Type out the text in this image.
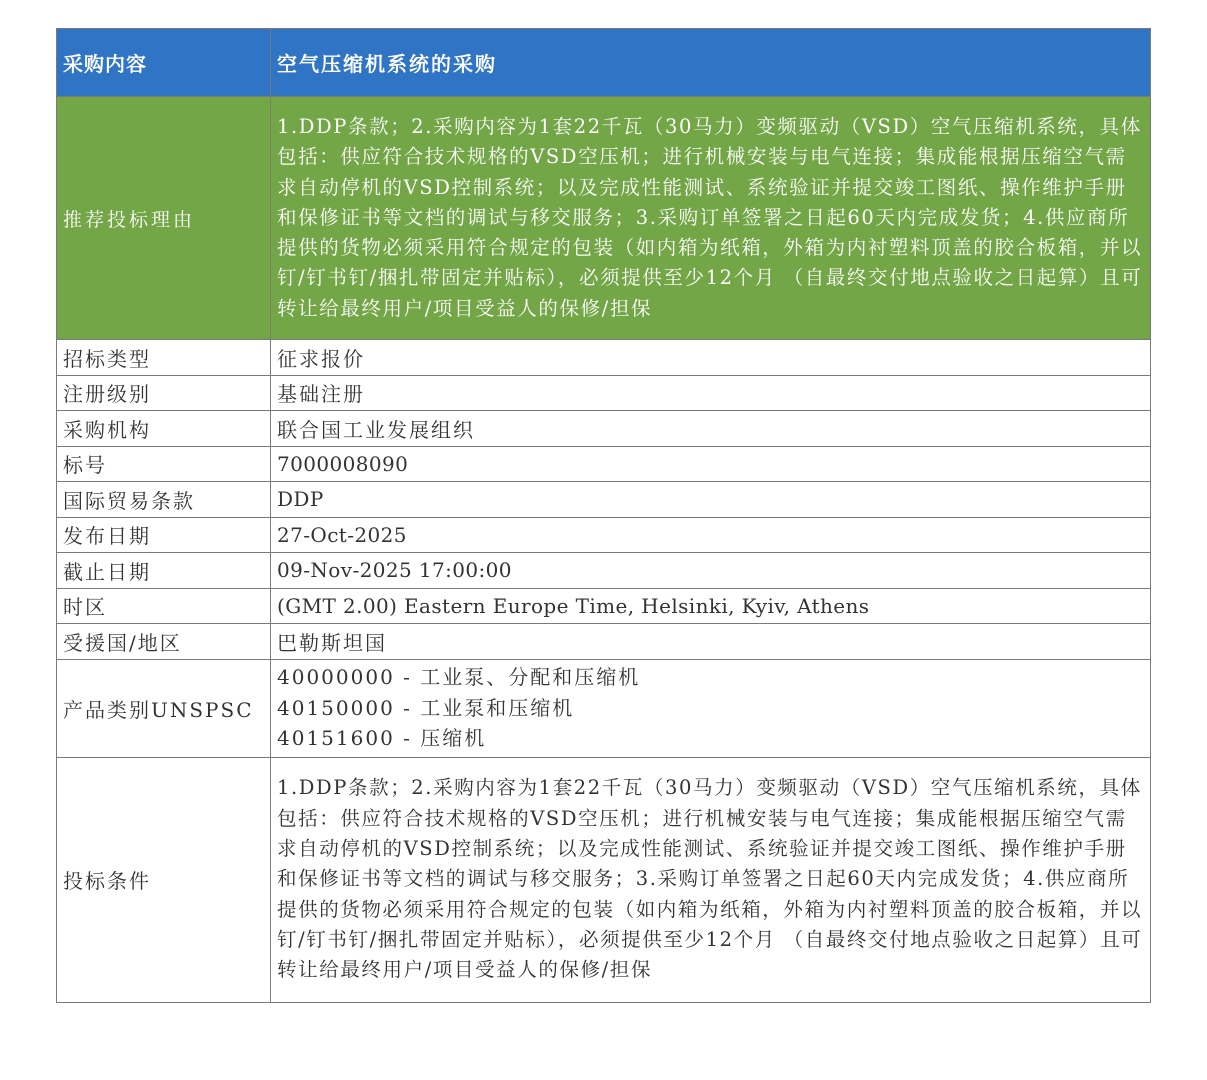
采购内容	空气压缩机系统的采购
推荐投标理由	1.DDP条款；2.采购内容为1套22千瓦（30马力）变频驱动（VSD）空气压缩机系统，具体包括：供应符合技术规格的VSD空压机；进行机械安装与电气连接；集成能根据压缩空气需求自动停机的VSD控制系统；以及完成性能测试、系统验证并提交竣工图纸、操作维护手册和保修证书等文档的调试与移交服务；3.采购订单签署之日起60天内完成发货；4.供应商所提供的货物必须采用符合规定的包装（如内箱为纸箱，外箱为内衬塑料顶盖的胶合板箱，并以钉/钉书钉/捆扎带固定并贴标），必须提供至少12个月 （自最终交付地点验收之日起算）且可转让给最终用户/项目受益人的保修/担保
招标类型	征求报价
注册级别	基础注册
采购机构	联合国工业发展组织
标号	7000008090
国际贸易条款	DDP
发布日期	27-Oct-2025
截止日期	09-Nov-2025 17:00:00
时区	(GMT 2.00) Eastern Europe Time, Helsinki, Kyiv, Athens
受援国/地区	巴勒斯坦国
产品类别UNSPSC	40000000 - 工业泵、分配和压缩机
40150000 - 工业泵和压缩机
40151600 - 压缩机

投标条件	1.DDP条款；2.采购内容为1套22千瓦（30马力）变频驱动（VSD）空气压缩机系统，具体包括：供应符合技术规格的VSD空压机；进行机械安装与电气连接；集成能根据压缩空气需求自动停机的VSD控制系统；以及完成性能测试、系统验证并提交竣工图纸、操作维护手册和保修证书等文档的调试与移交服务；3.采购订单签署之日起60天内完成发货；4.供应商所提供的货物必须采用符合规定的包装（如内箱为纸箱，外箱为内衬塑料顶盖的胶合板箱，并以钉/钉书钉/捆扎带固定并贴标），必须提供至少12个月 （自最终交付地点验收之日起算）且可转让给最终用户/项目受益人的保修/担保
